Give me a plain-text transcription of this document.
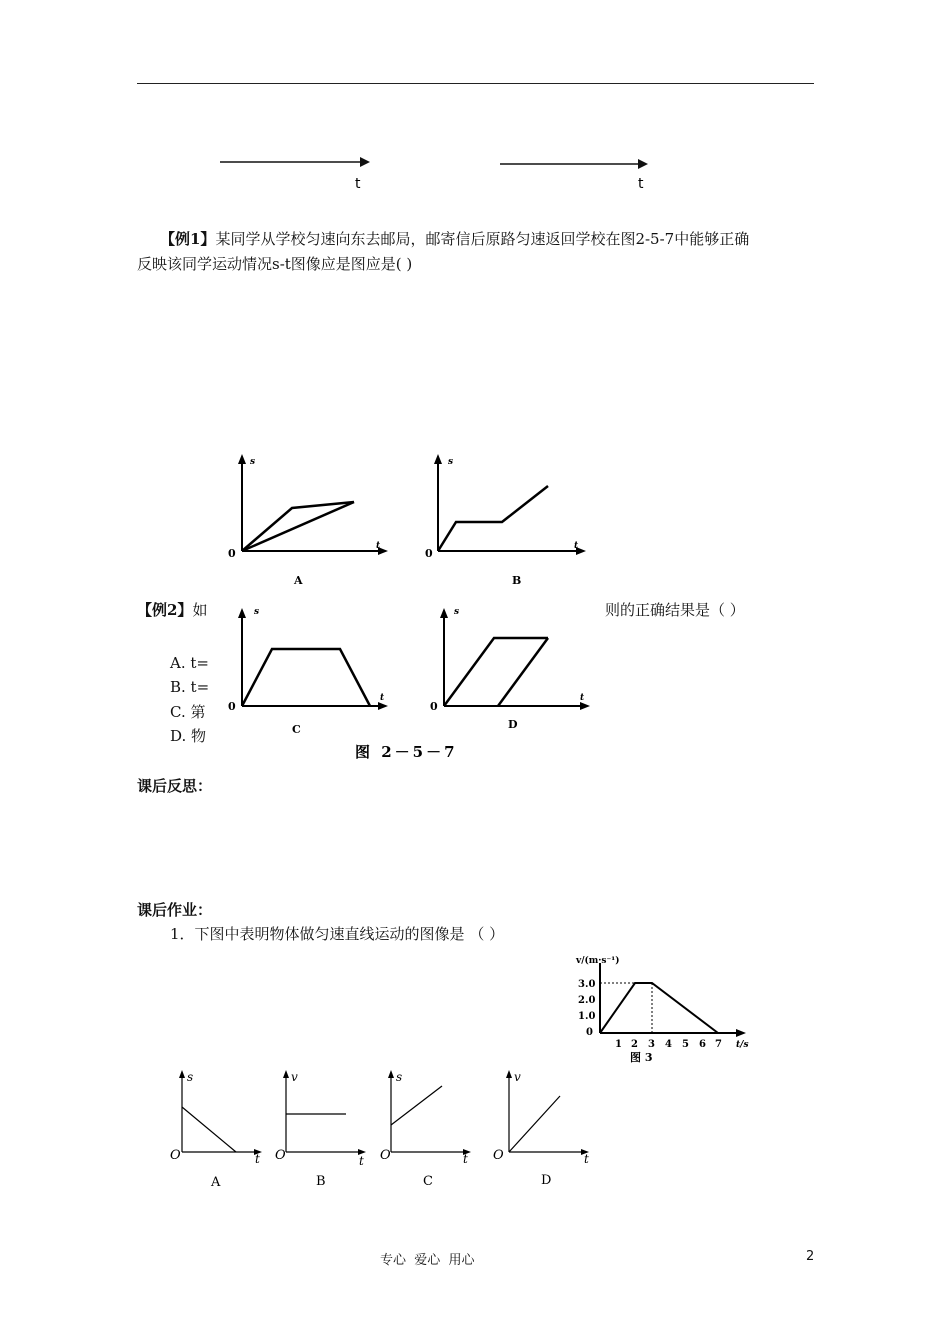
t	t
【例1】某同学从学校匀速向东去邮局，邮寄信后原路匀速返回学校在图2-5-7中能够正确
反映该同学运动情况s-t图像应是图应是( )
【例2】如	则的正确结果是（ ）
A. t=
B. t=
C. 第
D. 物
s
t
0
A
s
t
0
B
s
t
0
C
s
t
0
D
图 2－5－7
课后反思：
课后作业：
1．下图中表明物体做匀速直线运动的图像是 （ ）
v/(m·s⁻¹)
3.0
2.0
1.0
0
1 2 3 4 5 6 7 t/s
图 3
s	v	s	v
O	O	O	O
t	t	t	t
A	B	C	D
专心  爱心  用心	2
